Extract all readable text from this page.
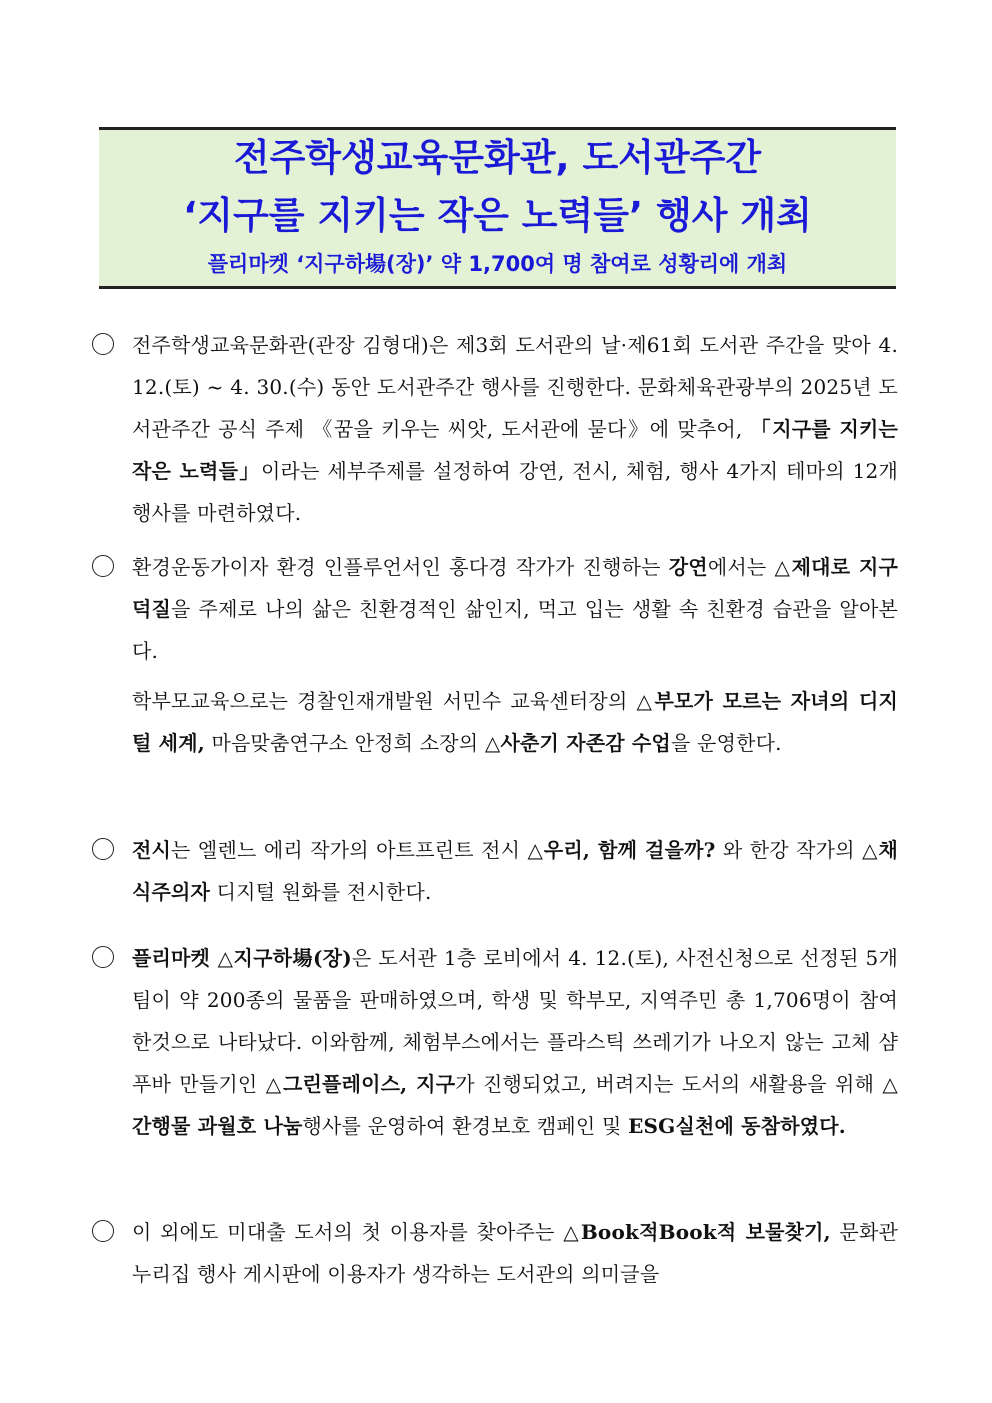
전주학생교육문화관, 도서관주간
‘지구를 지키는 작은 노력들’ 행사 개최
플리마켓 ‘지구하場(장)’ 약 1,700여 명 참여로 성황리에 개최
전주학생교육문화관(관장 김형대)은 제3회 도서관의 날·제61회 도서관 주간을 맞아 4. 12.(토) ~ 4. 30.(수) 동안 도서관주간 행사를 진행한다. 문화체육관광부의 2025년 도서관주간 공식 주제 《꿈을 키우는 씨앗, 도서관에 묻다》에 맞추어, 「지구를 지키는 작은 노력들」이라는 세부주제를 설정하여 강연, 전시, 체험, 행사 4가지 테마의 12개 행사를 마련하였다.
환경운동가이자 환경 인플루언서인 홍다경 작가가 진행하는 강연에서는 △제대로 지구덕질을 주제로 나의 삶은 친환경적인 삶인지, 먹고 입는 생활 속 친환경 습관을 알아본다.
학부모교육으로는 경찰인재개발원 서민수 교육센터장의 △부모가 모르는 자녀의 디지털 세계, 마음맞춤연구소 안정희 소장의 △사춘기 자존감 수업을 운영한다.
전시는 엘렌느 에리 작가의 아트프린트 전시 △우리, 함께 걸을까? 와 한강 작가의 △채식주의자 디지털 원화를 전시한다.
플리마켓 △지구하場(장)은 도서관 1층 로비에서 4. 12.(토), 사전신청으로 선정된 5개 팀이 약 200종의 물품을 판매하였으며, 학생 및 학부모, 지역주민 총 1,706명이 참여한것으로 나타났다. 이와함께, 체험부스에서는 플라스틱 쓰레기가 나오지 않는 고체 샴푸바 만들기인 △그린플레이스, 지구가 진행되었고, 버려지는 도서의 새활용을 위해 △간행물 과월호 나눔행사를 운영하여 환경보호 캠페인 및 ESG실천에 동참하였다.
이 외에도 미대출 도서의 첫 이용자를 찾아주는 △Book적Book적 보물찾기, 문화관 누리집 행사 게시판에 이용자가 생각하는 도서관의 의미글을
